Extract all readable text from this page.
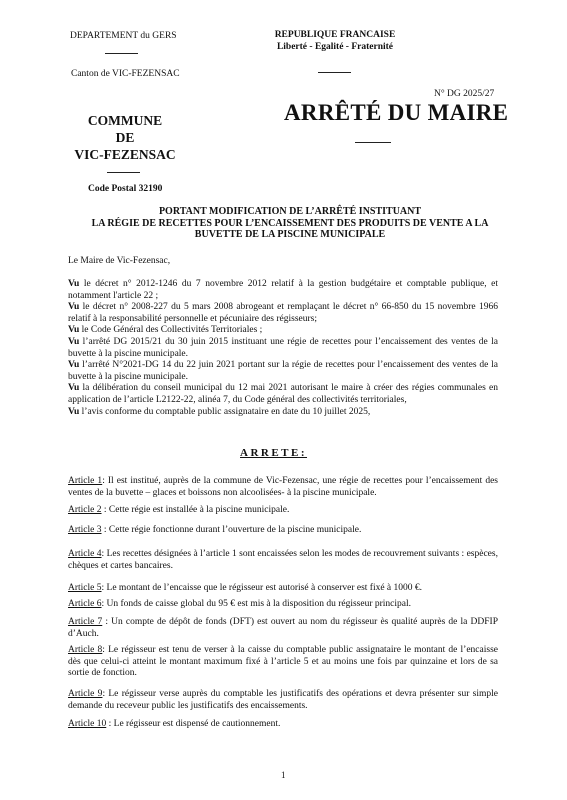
DEPARTEMENT du GERS
Canton de VIC-FEZENSAC
REPUBLIQUE FRANCAISE
Liberté - Egalité - Fraternité
N° DG 2025/27
ARRÊTÉ DU MAIRE
COMMUNE
DE
VIC-FEZENSAC
Code Postal 32190
PORTANT MODIFICATION DE L’ARRÊTÉ INSTITUANT
LA RÉGIE DE RECETTES POUR L’ENCAISSEMENT DES PRODUITS DE VENTE A LA
BUVETTE DE LA PISCINE MUNICIPALE
Le Maire de Vic-Fezensac,

Vu le décret n° 2012-1246 du 7 novembre 2012 relatif à la gestion budgétaire et comptable publique, et notamment l'article 22 ;

Vu le décret n° 2008-227 du 5 mars 2008 abrogeant et remplaçant le décret n° 66-850 du 15 novembre 1966 relatif à la responsabilité personnelle et pécuniaire des régisseurs;

Vu le Code Général des Collectivités Territoriales ;

Vu l’arrêté DG 2015/21 du 30 juin 2015 instituant une régie de recettes pour l’encaissement des ventes de la buvette à la piscine municipale.

Vu l’arrêté N°2021-DG 14 du 22 juin 2021 portant sur la régie de recettes pour l’encaissement des ventes de la buvette à la piscine municipale.

Vu la délibération du conseil municipal du 12 mai 2021 autorisant le maire à créer des régies communales en application de l’article L2122-22, alinéa 7, du Code général des collectivités territoriales,

Vu l’avis conforme du comptable public assignataire en date du 10 juillet 2025,

ARRETE:
Article 1: Il est institué, auprès de la commune de Vic-Fezensac, une régie de recettes pour l’encaissement des ventes de la buvette – glaces et boissons non alcoolisées- à la piscine municipale.
Article 2 : Cette régie est installée à la piscine municipale.
Article 3 : Cette régie fonctionne durant l’ouverture de la piscine municipale.
Article 4: Les recettes désignées à l’article 1 sont encaissées selon les modes de recouvrement suivants : espèces, chèques et cartes bancaires.
Article 5: Le montant de l’encaisse que le régisseur est autorisé à conserver est fixé à 1000 €.
Article 6: Un fonds de caisse global du 95 € est mis à la disposition du régisseur principal.
Article 7 : Un compte de dépôt de fonds (DFT) est ouvert au nom du régisseur ès qualité auprès de la DDFIP d’Auch.
Article 8: Le régisseur est tenu de verser à la caisse du comptable public assignataire le montant de l’encaisse dès que celui-ci atteint le montant maximum fixé à l’article 5 et au moins une fois par quinzaine et lors de sa sortie de fonction.
Article 9: Le régisseur verse auprès du comptable les justificatifs des opérations et devra présenter sur simple demande du receveur public les justificatifs des encaissements.
Article 10 : Le régisseur est dispensé de cautionnement.
1
